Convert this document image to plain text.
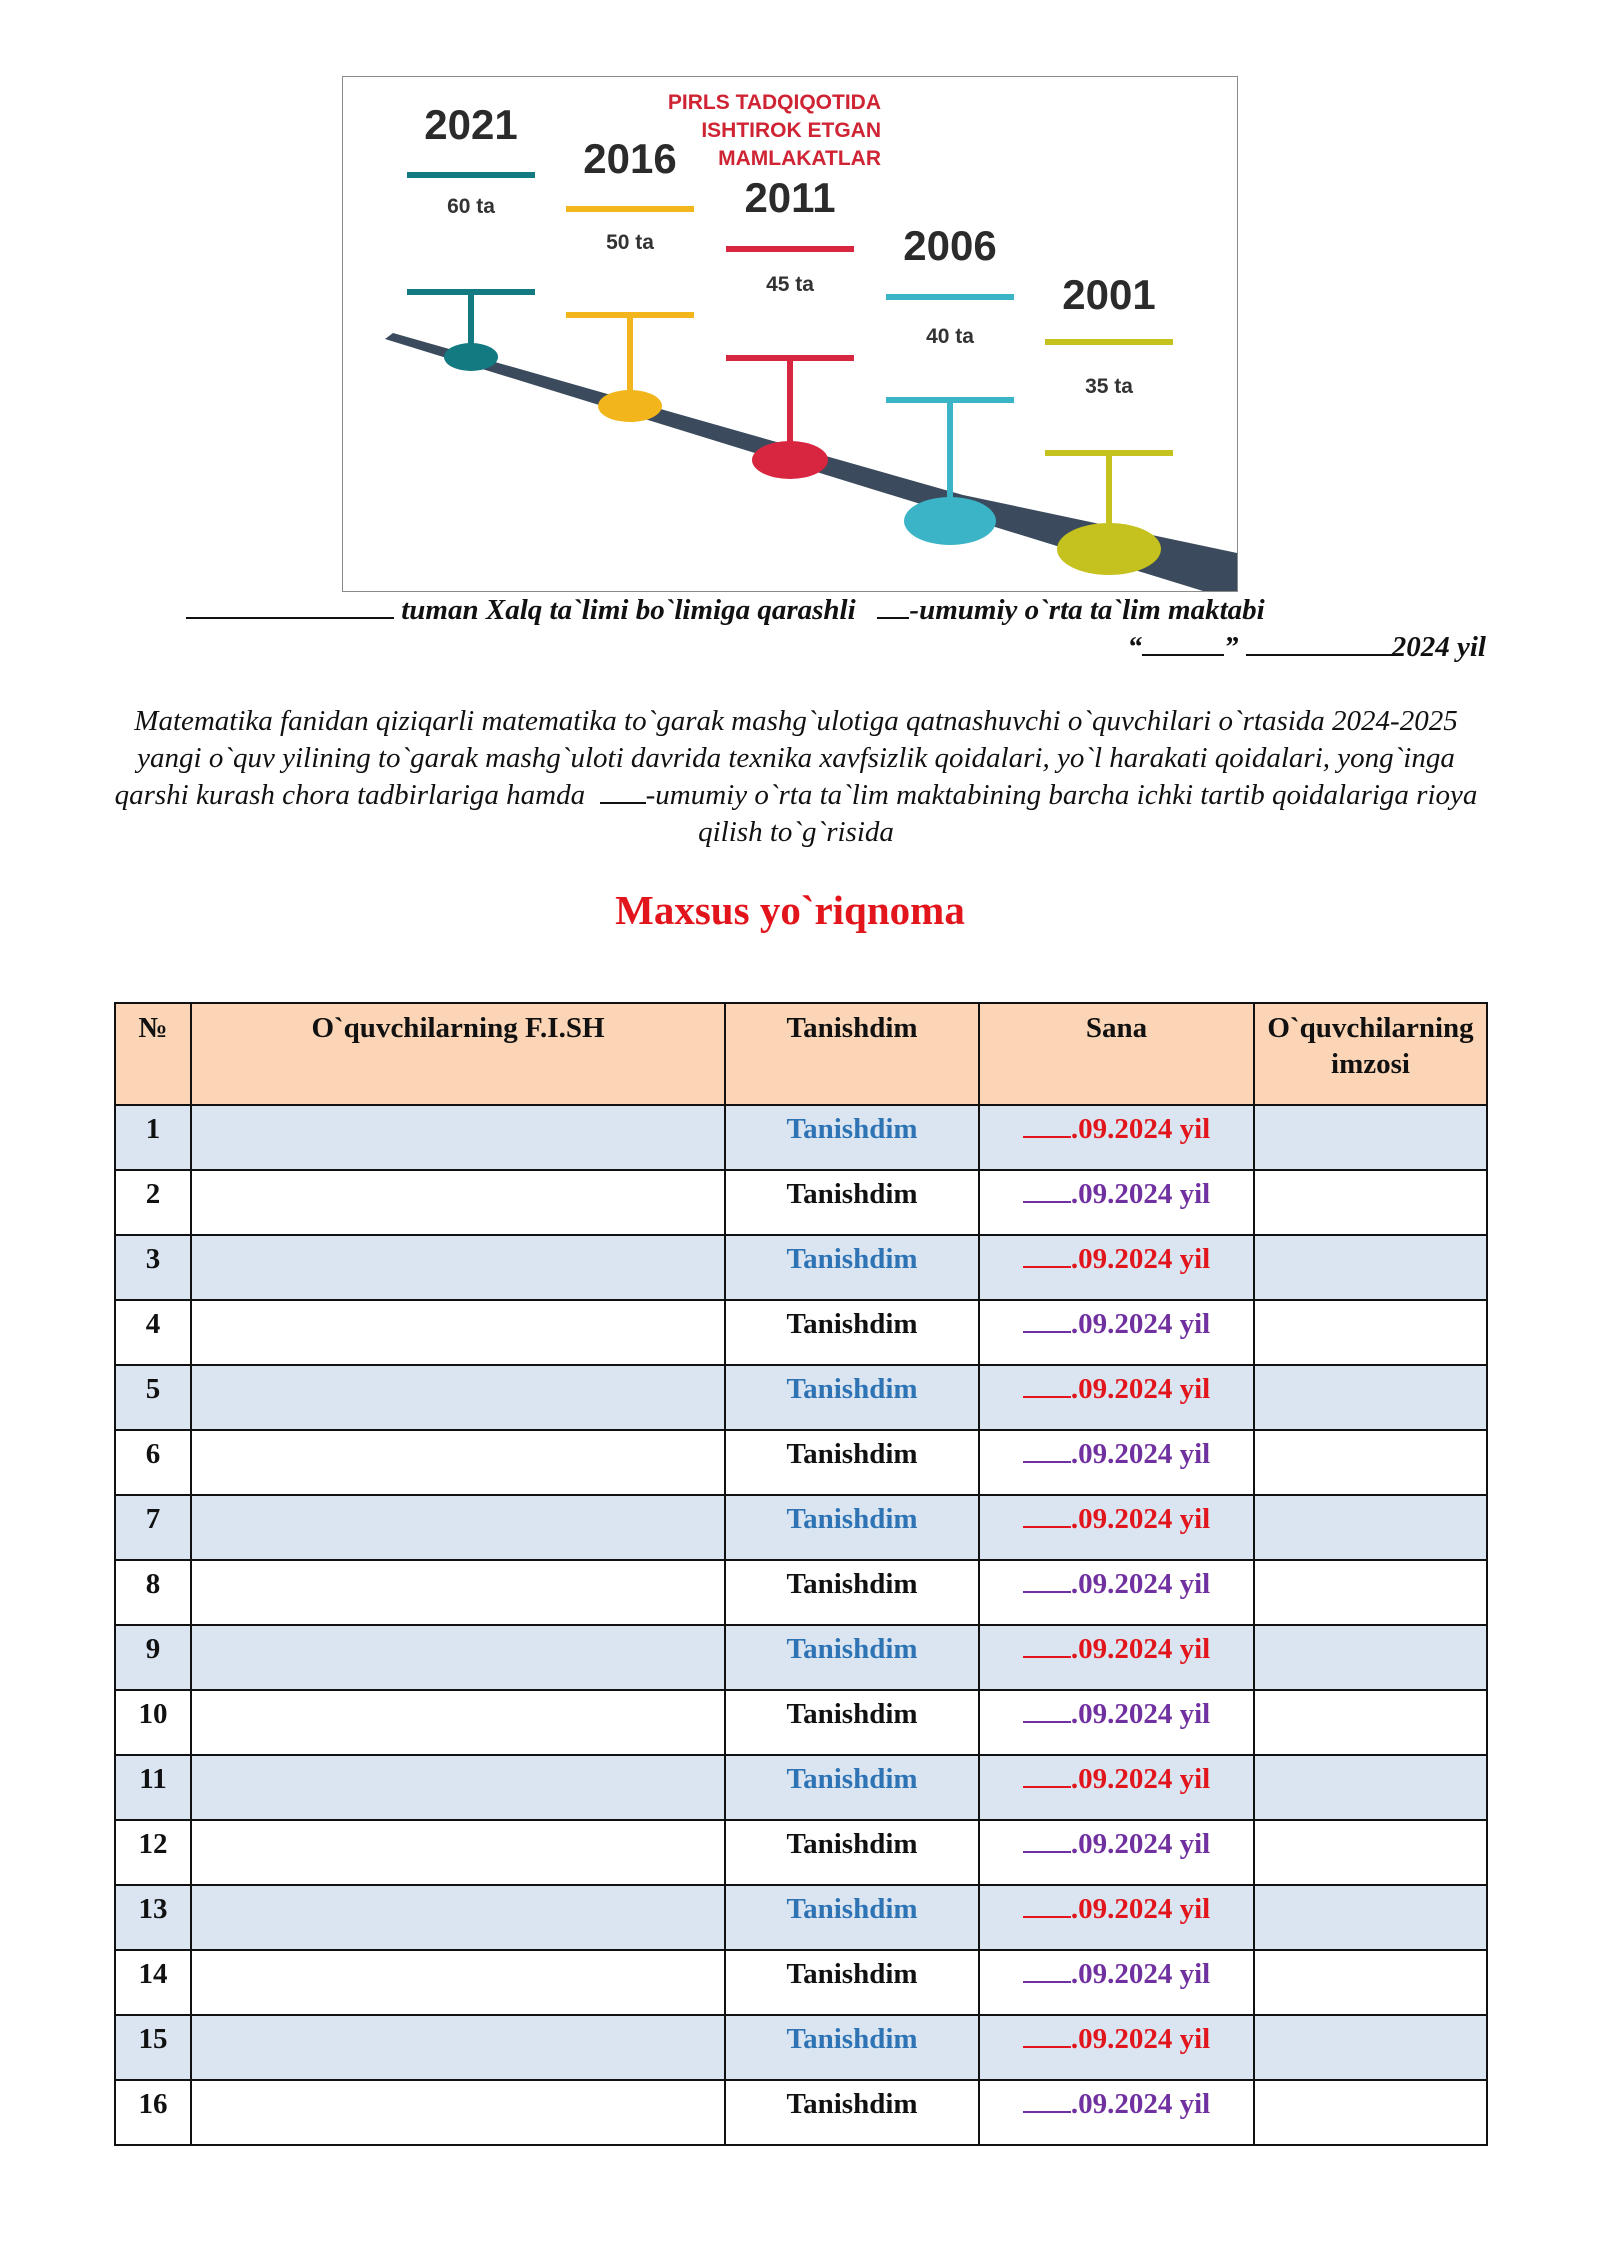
PIRLS TADQIQOTIDA
ISHTIROK ETGAN
MAMLAKATLAR
2021
60 ta
2016
50 ta
2011
45 ta
2006
40 ta
2001
35 ta
tuman Xalq ta`limi bo`limiga qarashli -umumiy o`rta ta`lim maktabi
“	”	2024 yil
Matematika fanidan qiziqarli matematika to`garak mashg`ulotiga qatnashuvchi o`quvchilari o`rtasida 2024-2025 yangi o`quv yilining to`garak mashg`uloti davrida texnika xavfsizlik qoidalari, yo`l harakati qoidalari, yong`inga qarshi kurash chora tadbirlariga hamda -umumiy o`rta ta`lim maktabining barcha ichki tartib qoidalariga rioya qilish to`g`risida
Maxsus yo`riqnoma
№	O`quvchilarning F.I.SH	Tanishdim	Sana	O`quvchilarning imzosi
1		Tanishdim	.09.2024 yil	
2		Tanishdim	.09.2024 yil	
3		Tanishdim	.09.2024 yil	
4		Tanishdim	.09.2024 yil	
5		Tanishdim	.09.2024 yil	
6		Tanishdim	.09.2024 yil	
7		Tanishdim	.09.2024 yil	
8		Tanishdim	.09.2024 yil	
9		Tanishdim	.09.2024 yil	
10		Tanishdim	.09.2024 yil	
11		Tanishdim	.09.2024 yil	
12		Tanishdim	.09.2024 yil	
13		Tanishdim	.09.2024 yil	
14		Tanishdim	.09.2024 yil	
15		Tanishdim	.09.2024 yil	
16		Tanishdim	.09.2024 yil	
